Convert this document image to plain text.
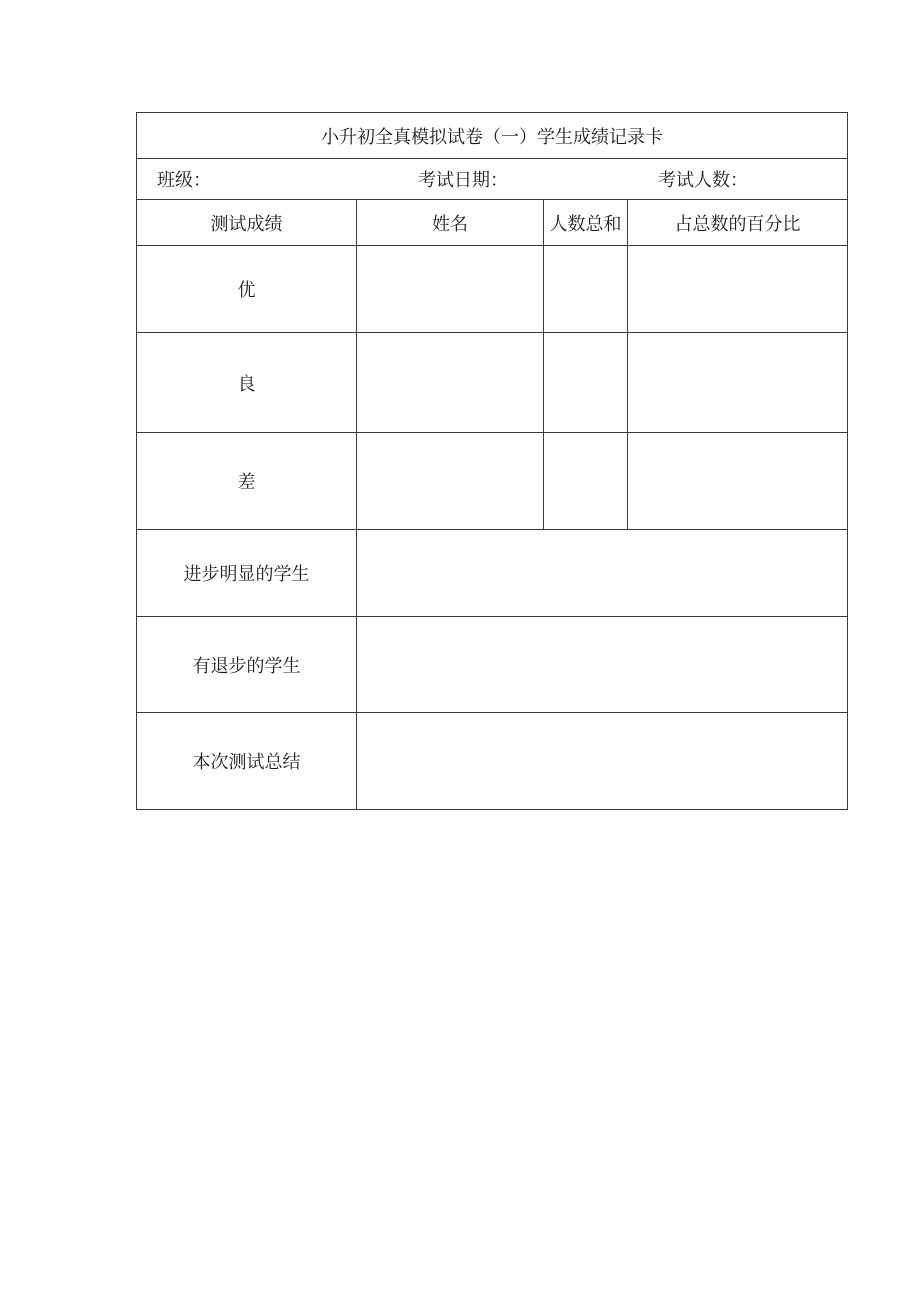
小升初全真模拟试卷（一）学生成绩记录卡			

班级： 考试日期： 考试人数：			

测试成绩	姓名	人数总和	占总数的百分比
优			
良			
差			
进步明显的学生			
有退步的学生			
本次测试总结			
